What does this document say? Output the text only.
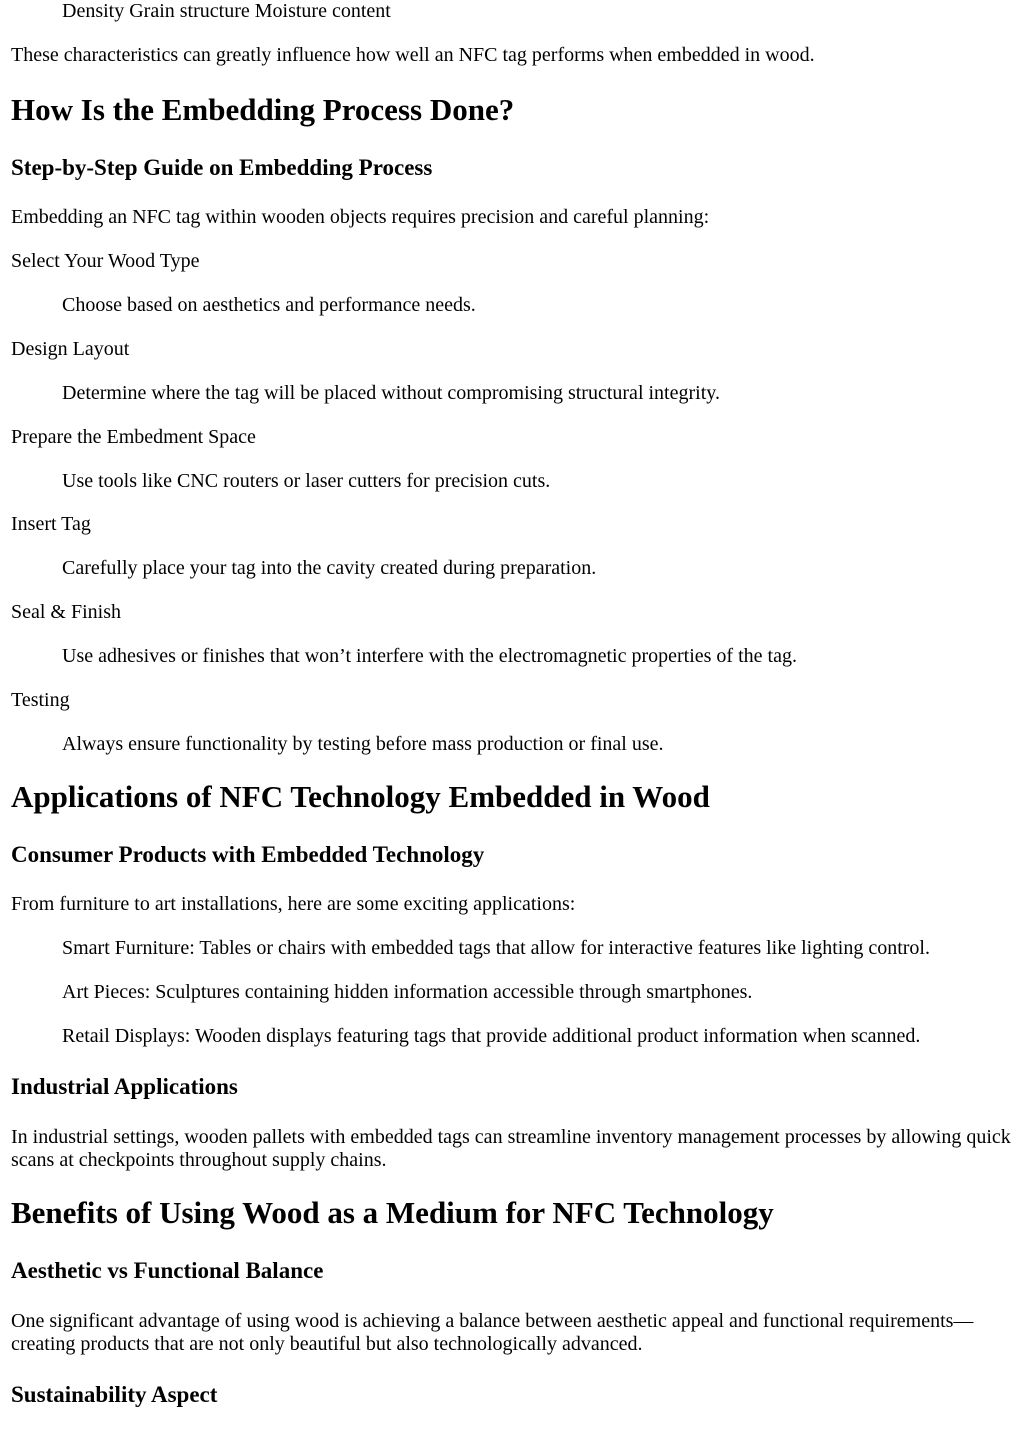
Density Grain structure Moisture content
These characteristics can greatly influence how well an NFC tag performs when embedded in wood.
How Is the Embedding Process Done?
Step-by-Step Guide on Embedding Process
Embedding an NFC tag within wooden objects requires precision and careful planning:
Select Your Wood Type
Choose based on aesthetics and performance needs.
Design Layout
Determine where the tag will be placed without compromising structural integrity.
Prepare the Embedment Space
Use tools like CNC routers or laser cutters for precision cuts.
Insert Tag
Carefully place your tag into the cavity created during preparation.
Seal & Finish
Use adhesives or finishes that won’t interfere with the electromagnetic properties of the tag.
Testing
Always ensure functionality by testing before mass production or final use.
Applications of NFC Technology Embedded in Wood
Consumer Products with Embedded Technology
From furniture to art installations, here are some exciting applications:
Smart Furniture: Tables or chairs with embedded tags that allow for interactive features like lighting control.
Art Pieces: Sculptures containing hidden information accessible through smartphones.
Retail Displays: Wooden displays featuring tags that provide additional product information when scanned.
Industrial Applications
In industrial settings, wooden pallets with embedded tags can streamline inventory management processes by allowing quick scans at checkpoints throughout supply chains.
Benefits of Using Wood as a Medium for NFC Technology
Aesthetic vs Functional Balance
One significant advantage of using wood is achieving a balance between aesthetic appeal and functional requirements—creating products that are not only beautiful but also technologically advanced.
Sustainability Aspect
